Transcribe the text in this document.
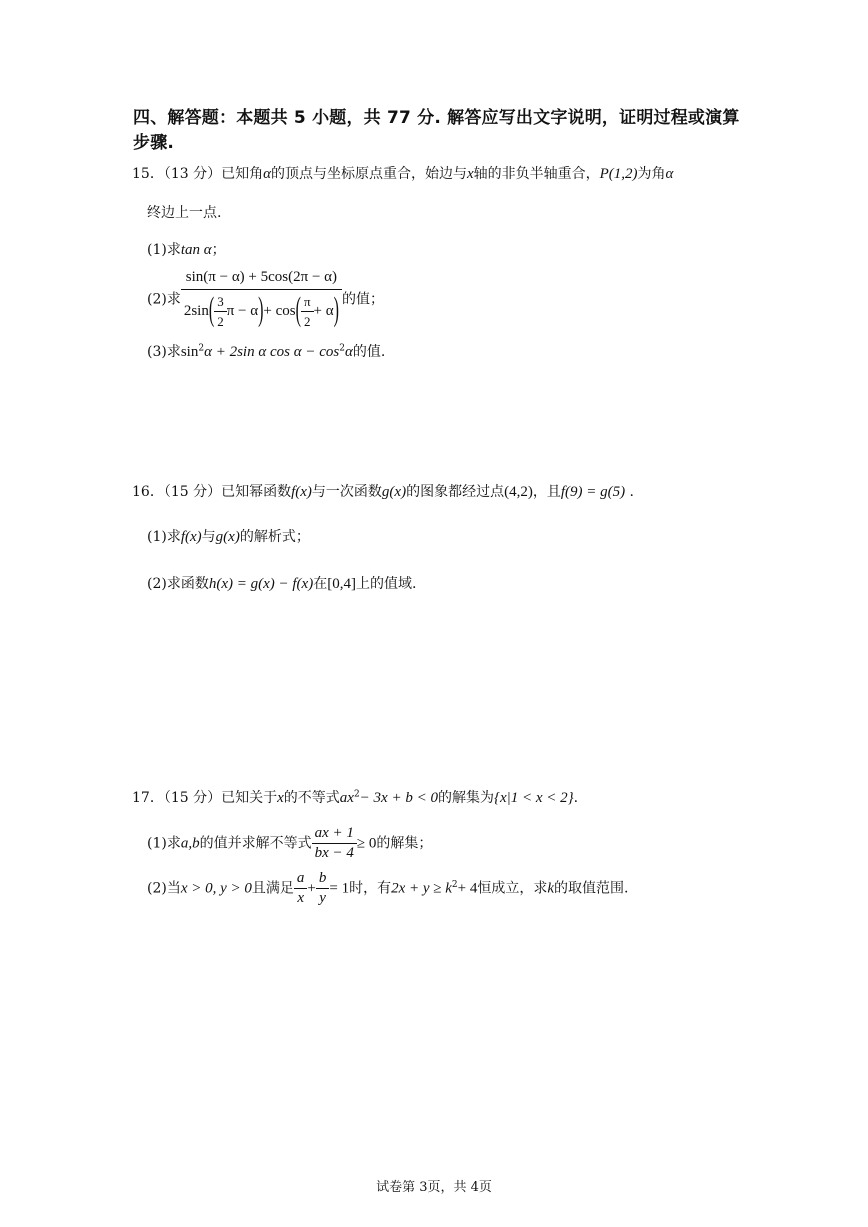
四、解答题：本题共 5 小题，共 77 分. 解答应写出文字说明，证明过程或演算步骤.
15．（13 分）已知角α的顶点与坐标原点重合，始边与x轴的非负半轴重合，P(1,2)为角α
终边上一点.
(1)求tan α；
(2)求 $\frac{\sin(\pi - \alpha) + 5\cos(2\pi - \alpha)}{2\sin( \frac{3}{2} \pi - \alpha)+ \cos( \frac{\pi}{2} + \alpha)}$ 的值；
(3)求$\sin^2\alpha + 2\sin$ α $\cos \alpha - \cos^2\alpha$的值.
16．（15 分）已知幂函数f(x)与一次函数g(x)的图象都经过点(4,2)，且f(9) = g(5) .
(1)求f(x)与g(x)的解析式；
(2)求函数h(x) = g(x) − f(x)在[0,4]上的值域.
17．（15 分）已知关于x的不等式$ax^2- 3x + b < 0$的解集为{x|1 < x < 2}.
(1)求a,b的值并求解不等式 $\frac{ax + 1}{bx - 4} \ge 0$的解集；
(2)当x > 0, y > 0且满足 $\frac{a}{x} + \frac{b}{y} = 1$时，有$2x + y \ge k^2+ 4$恒成立，求k的取值范围.
试卷第 3页，共 4页
